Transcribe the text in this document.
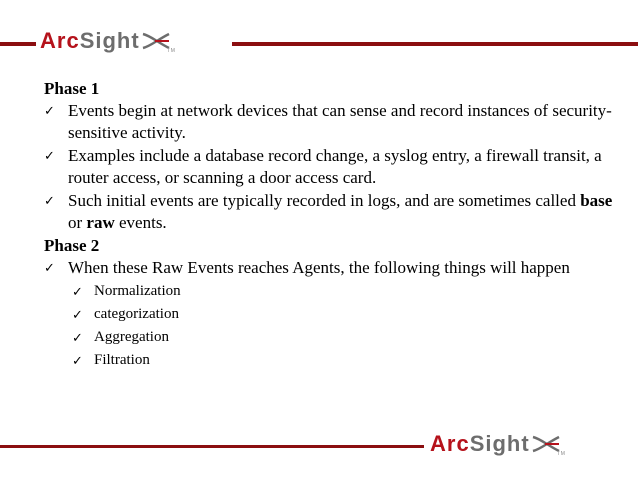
Arc Sight	TM

Phase 1

✓ Events begin at network devices that can sense and record instances of security-sensitive activity.
✓ Examples include a database record change, a syslog entry, a firewall transit, a router access, or scanning a door access card.
✓ Such initial events are typically recorded in logs, and are sometimes called base or raw events.

Phase 2

✓ When these Raw Events reaches Agents, the following things will happen
✓ Normalization
✓ categorization
✓ Aggregation
✓ Filtration
Arc Sight	TM
